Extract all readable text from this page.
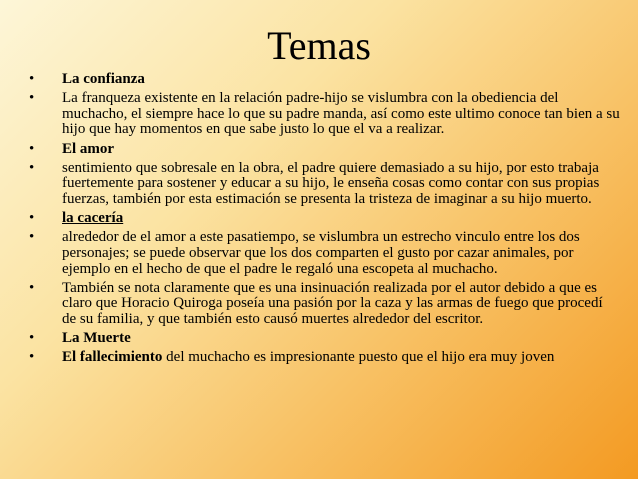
Temas
• La confianza
• La franqueza existente en la relación padre-hijo se vislumbra con la obediencia del muchacho, el siempre hace lo que su padre manda, así como este ultimo conoce tan bien a su hijo que hay momentos en que sabe justo lo que el va a realizar.
• El amor
• sentimiento que sobresale en la obra, el padre quiere demasiado a su hijo, por esto trabaja fuertemente para sostener y educar a su hijo, le enseña cosas como contar con sus propias fuerzas, también por esta estimación se presenta la tristeza de imaginar a su hijo muerto.
• la cacería
• alrededor de el amor a este pasatiempo, se vislumbra un estrecho vinculo entre los dos personajes; se puede observar que los dos comparten el gusto por cazar animales, por ejemplo en el hecho de que el padre le regaló una escopeta al muchacho.
• También se nota claramente que es una insinuación realizada por el autor debido a que es claro que Horacio Quiroga poseía una pasión por la caza y las armas de fuego que procedí de su familia, y que también esto causó muertes alrededor del escritor.
• La Muerte
• El fallecimiento del muchacho es impresionante puesto que el hijo era muy joven
